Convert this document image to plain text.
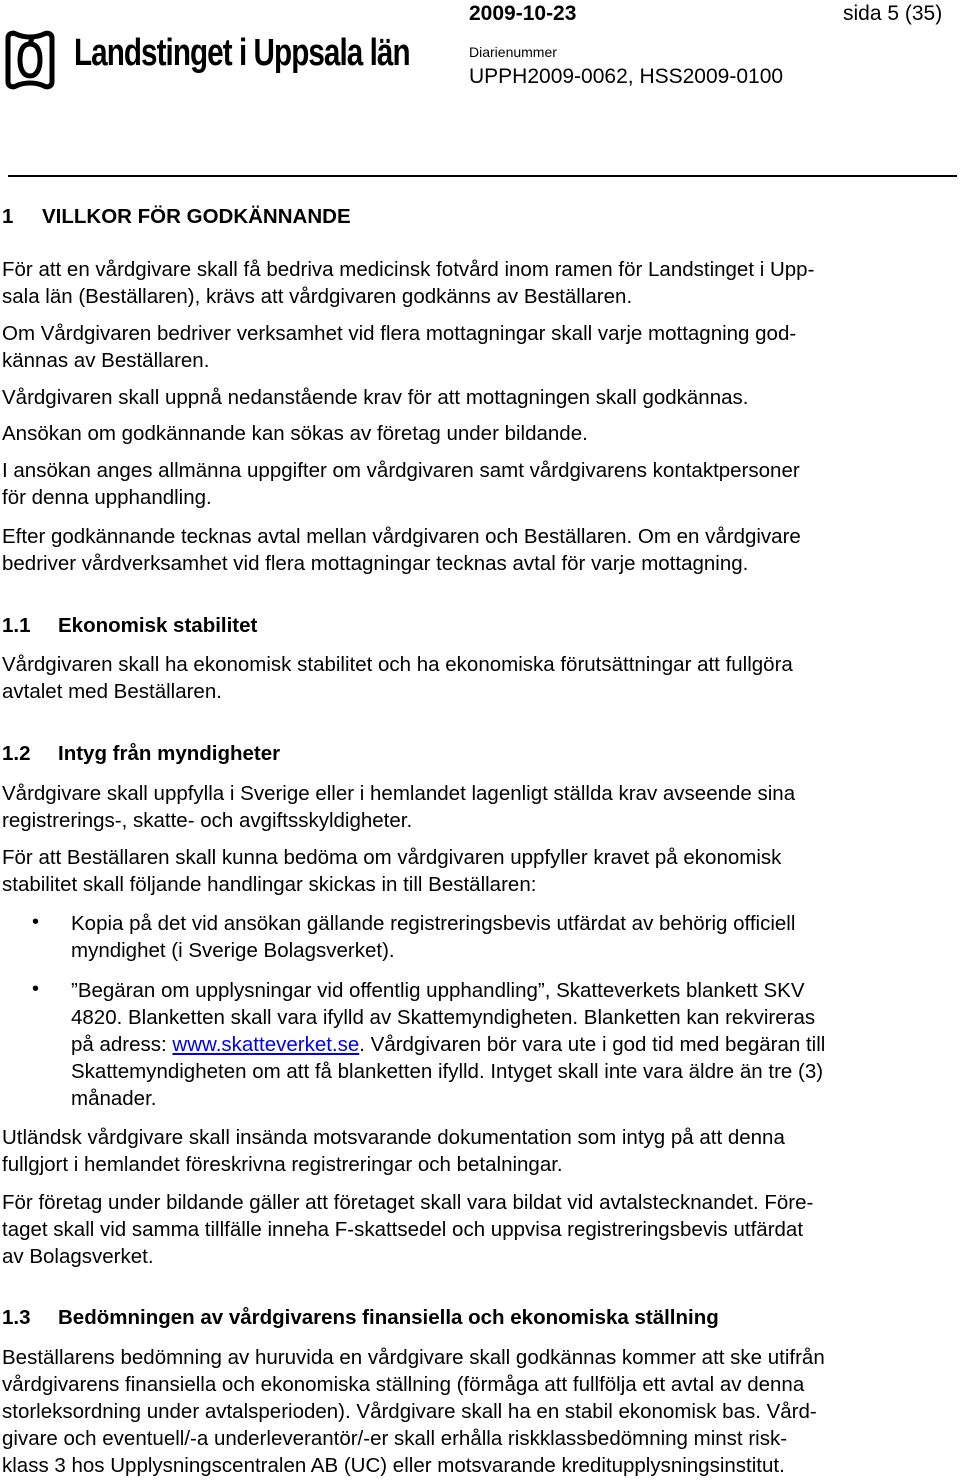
Landstinget i Uppsala län
2009-10-23	sida 5 (35)
Diarienummer
UPPH2009-0062, HSS2009-0100
1 VILLKOR FÖR GODKÄNNANDE
För att en vårdgivare skall få bedriva medicinsk fotvård inom ramen för Landstinget i Upp-
sala län (Beställaren), krävs att vårdgivaren godkänns av Beställaren.
Om Vårdgivaren bedriver verksamhet vid flera mottagningar skall varje mottagning god-
kännas av Beställaren.
Vårdgivaren skall uppnå nedanstående krav för att mottagningen skall godkännas.
Ansökan om godkännande kan sökas av företag under bildande.
I ansökan anges allmänna uppgifter om vårdgivaren samt vårdgivarens kontaktpersoner
för denna upphandling.
Efter godkännande tecknas avtal mellan vårdgivaren och Beställaren. Om en vårdgivare
bedriver vårdverksamhet vid flera mottagningar tecknas avtal för varje mottagning.
1.1 Ekonomisk stabilitet
Vårdgivaren skall ha ekonomisk stabilitet och ha ekonomiska förutsättningar att fullgöra
avtalet med Beställaren.
1.2 Intyg från myndigheter
Vårdgivare skall uppfylla i Sverige eller i hemlandet lagenligt ställda krav avseende sina
registrerings-, skatte- och avgiftsskyldigheter.
För att Beställaren skall kunna bedöma om vårdgivaren uppfyller kravet på ekonomisk
stabilitet skall följande handlingar skickas in till Beställaren:
• Kopia på det vid ansökan gällande registreringsbevis utfärdat av behörig officiell
myndighet (i Sverige Bolagsverket).
• ”Begäran om upplysningar vid offentlig upphandling”, Skatteverkets blankett SKV
4820. Blanketten skall vara ifylld av Skattemyndigheten. Blanketten kan rekvireras
på adress: www.skatteverket.se. Vårdgivaren bör vara ute i god tid med begäran till
Skattemyndigheten om att få blanketten ifylld. Intyget skall inte vara äldre än tre (3)
månader.
Utländsk vårdgivare skall insända motsvarande dokumentation som intyg på att denna
fullgjort i hemlandet föreskrivna registreringar och betalningar.
För företag under bildande gäller att företaget skall vara bildat vid avtalstecknandet. Före-
taget skall vid samma tillfälle inneha F-skattsedel och uppvisa registreringsbevis utfärdat
av Bolagsverket.
1.3 Bedömningen av vårdgivarens finansiella och ekonomiska ställning
Beställarens bedömning av huruvida en vårdgivare skall godkännas kommer att ske utifrån
vårdgivarens finansiella och ekonomiska ställning (förmåga att fullfölja ett avtal av denna
storleksordning under avtalsperioden). Vårdgivare skall ha en stabil ekonomisk bas. Vård-
givare och eventuell/-a underleverantör/-er skall erhålla riskklassbedömning minst risk-
klass 3 hos Upplysningscentralen AB (UC) eller motsvarande kreditupplysningsinstitut.
